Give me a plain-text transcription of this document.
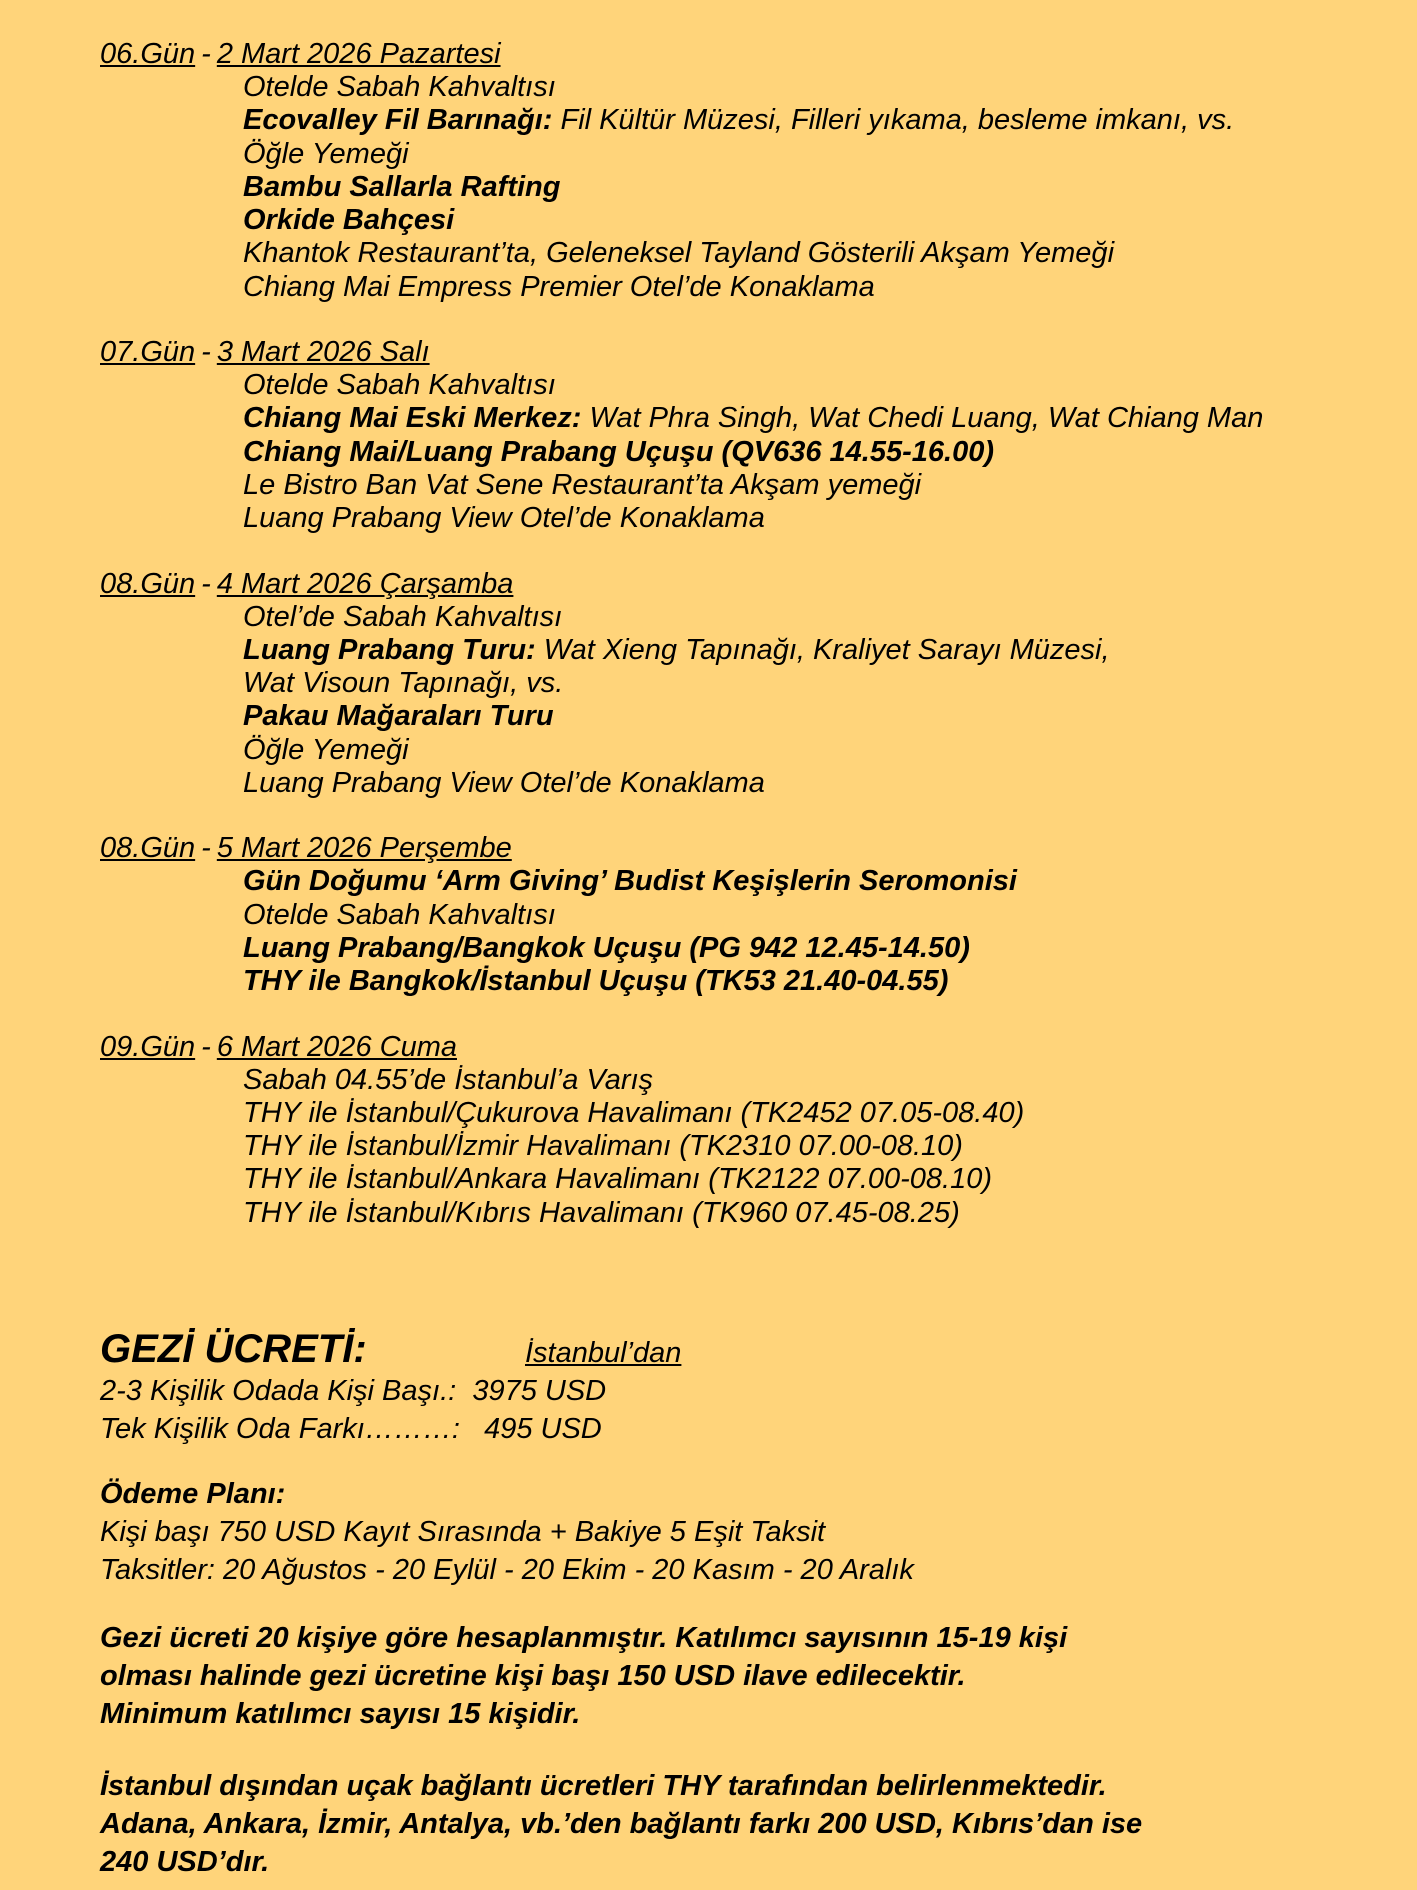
06.Gün - 2 Mart 2026 Pazartesi
Otelde Sabah Kahvaltısı
Ecovalley Fil Barınağı: Fil Kültür Müzesi, Filleri yıkama, besleme imkanı, vs.
Öğle Yemeği
Bambu Sallarla Rafting
Orkide Bahçesi
Khantok Restaurant’ta, Geleneksel Tayland Gösterili Akşam Yemeği
Chiang Mai Empress Premier Otel’de Konaklama
07.Gün - 3 Mart 2026 Salı
Otelde Sabah Kahvaltısı
Chiang Mai Eski Merkez: Wat Phra Singh, Wat Chedi Luang, Wat Chiang Man
Chiang Mai/Luang Prabang Uçuşu (QV636 14.55-16.00)
Le Bistro Ban Vat Sene Restaurant’ta Akşam yemeği
Luang Prabang View Otel’de Konaklama
08.Gün - 4 Mart 2026 Çarşamba
Otel’de Sabah Kahvaltısı
Luang Prabang Turu: Wat Xieng Tapınağı, Kraliyet Sarayı Müzesi,
Wat Visoun Tapınağı, vs.
Pakau Mağaraları Turu
Öğle Yemeği
Luang Prabang View Otel’de Konaklama
08.Gün - 5 Mart 2026 Perşembe
Gün Doğumu ‘Arm Giving’ Budist Keşişlerin Seromonisi
Otelde Sabah Kahvaltısı
Luang Prabang/Bangkok Uçuşu (PG 942 12.45-14.50)
THY ile Bangkok/İstanbul Uçuşu (TK53 21.40-04.55)
09.Gün - 6 Mart 2026 Cuma
Sabah 04.55’de İstanbul’a Varış
THY ile İstanbul/Çukurova Havalimanı (TK2452 07.05-08.40)
THY ile İstanbul/İzmir Havalimanı (TK2310 07.00-08.10)
THY ile İstanbul/Ankara Havalimanı (TK2122 07.00-08.10)
THY ile İstanbul/Kıbrıs Havalimanı (TK960 07.45-08.25)
GEZİ ÜCRETİ:	İstanbul’dan
2-3 Kişilik Odada Kişi Başı.:  3975 USD
Tek Kişilik Oda Farkı………:   495 USD
Ödeme Planı:
Kişi başı 750 USD Kayıt Sırasında + Bakiye 5 Eşit Taksit
Taksitler: 20 Ağustos - 20 Eylül - 20 Ekim - 20 Kasım - 20 Aralık
Gezi ücreti 20 kişiye göre hesaplanmıştır. Katılımcı sayısının 15-19 kişi
olması halinde gezi ücretine kişi başı 150 USD ilave edilecektir.
Minimum katılımcı sayısı 15 kişidir.
İstanbul dışından uçak bağlantı ücretleri THY tarafından belirlenmektedir.
Adana, Ankara, İzmir, Antalya, vb.’den bağlantı farkı 200 USD, Kıbrıs’dan ise
240 USD’dır.
